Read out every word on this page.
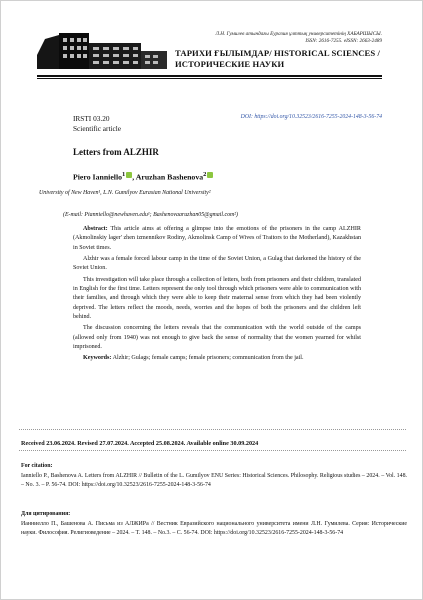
Л.Н. Гумилев атындағы Еуразия ұлттық университетінің ХАБАРШЫСЫ.
ISSN: 2616-7255. eISSN: 2663-2489
ТАРИХИ ҒЫЛЫМДАР/ HISTORICAL SCIENCES / ИСТОРИЧЕСКИЕ НАУКИ
IRSTI 03.20
Scientific article
DOI: https://doi.org/10.32523/2616-7255-2024-148-3-56-74
Letters from ALZHIR
Piero Ianniello$^1$ , Aruzhan Bashenova$^2$
University of New Haven¹, L.N. Gumilyov Eurasian National University²
(E-mail: Pianniello@newhaven.edu¹; Bashenovaaruzhan05@gmail.com²)

Abstract: This article aims at offering a glimpse into the emotions of the prisoners in the camp ALZHIR (Akmolinskiy lager' zhen izmennikov Rodiny, Akmolinsk Camp of Wives of Traitors to the Motherland), Kazakhstan in Soviet times.

Alzhir was a female forced labour camp in the time of the Soviet Union, a Gulag that darkened the history of the Soviet Union.

This investigation will take place through a collection of letters, both from prisoners and their children, translated in English for the first time. Letters represent the only tool through which prisoners were able to communication with their families, and through which they were able to keep their maternal sense from which they had been violently deprived. The letters reflect the moods, needs, worries and the hopes of both the prisoners and the children left behind.

The discussion concerning the letters reveals that the communication with the world outside of the camps (allowed only from 1940) was not enough to give back the sense of normality that the women yearned for whilst imprisoned.

Keywords: Alzhir; Gulags; female camps; female prisoners; communication from the jail.

Received 23.06.2024. Revised 27.07.2024. Accepted 25.08.2024. Available online 30.09.2024
For citation:
Ianniello P., Bashenova A. Letters from ALZHIR // Bulletin of the L. Gumilyov ENU Series: Historical Sciences. Philosophy. Religious studies – 2024. – Vol. 148. – No. 3. – P. 56-74. DOI: https://doi.org/10.32523/2616-7255-2024-148-3-56-74
Для цитирования:
Ианниелло П., Башенова А. Письма из АЛЖИРа // Вестник Евразийского национального университета имени Л.Н. Гумилева. Серия: Исторические науки. Философия. Религиоведение – 2024. – Т. 148. – No.3. – С. 56-74. DOI: https://doi.org/10.32523/2616-7255-2024-148-3-56-74
